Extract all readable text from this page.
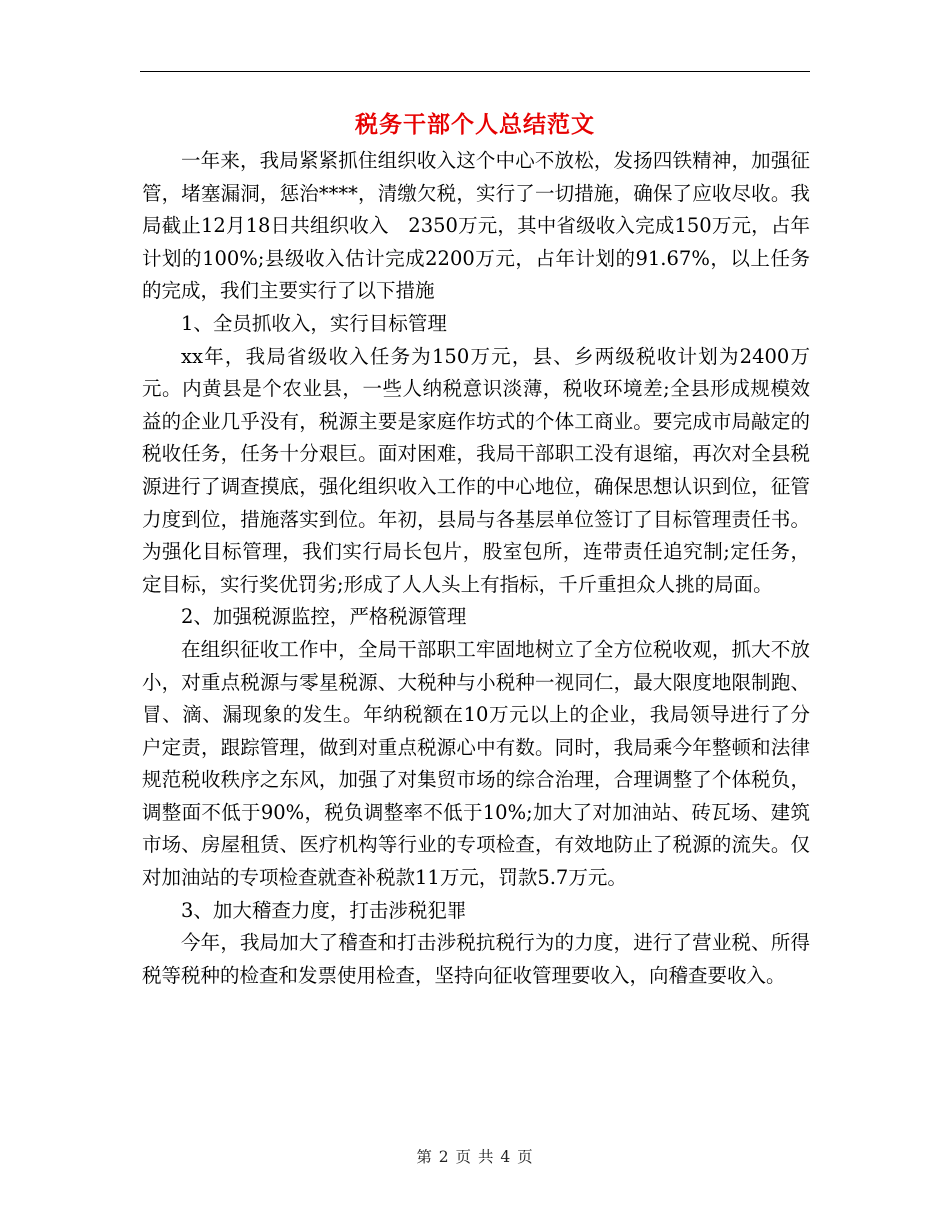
税务干部个人总结范文

一年来，我局紧紧抓住组织收入这个中心不放松，发扬四铁精神，加强征管，堵塞漏洞，惩治****，清缴欠税，实行了一切措施，确保了应收尽收。我局截止12月18日共组织收入　2350万元，其中省级收入完成150万元，占年计划的100%;县级收入估计完成2200万元，占年计划的91.67%，以上任务的完成，我们主要实行了以下措施

1、全员抓收入，实行目标管理

xx年，我局省级收入任务为150万元，县、乡两级税收计划为2400万元。内黄县是个农业县，一些人纳税意识淡薄，税收环境差;全县形成规模效益的企业几乎没有，税源主要是家庭作坊式的个体工商业。要完成市局敲定的税收任务，任务十分艰巨。面对困难，我局干部职工没有退缩，再次对全县税源进行了调查摸底，强化组织收入工作的中心地位，确保思想认识到位，征管力度到位，措施落实到位。年初，县局与各基层单位签订了目标管理责任书。为强化目标管理，我们实行局长包片，股室包所，连带责任追究制;定任务，定目标，实行奖优罚劣;形成了人人头上有指标，千斤重担众人挑的局面。

2、加强税源监控，严格税源管理

在组织征收工作中，全局干部职工牢固地树立了全方位税收观，抓大不放小，对重点税源与零星税源、大税种与小税种一视同仁，最大限度地限制跑、冒、滴、漏现象的发生。年纳税额在10万元以上的企业，我局领导进行了分户定责，跟踪管理，做到对重点税源心中有数。同时，我局乘今年整顿和法律规范税收秩序之东风，加强了对集贸市场的综合治理，合理调整了个体税负，调整面不低于90%，税负调整率不低于10%;加大了对加油站、砖瓦场、建筑市场、房屋租赁、医疗机构等行业的专项检查，有效地防止了税源的流失。仅对加油站的专项检查就查补税款11万元，罚款5.7万元。

3、加大稽查力度，打击涉税犯罪

今年，我局加大了稽查和打击涉税抗税行为的力度，进行了营业税、所得税等税种的检查和发票使用检查，坚持向征收管理要收入，向稽查要收入。

第 2 页 共 4 页
